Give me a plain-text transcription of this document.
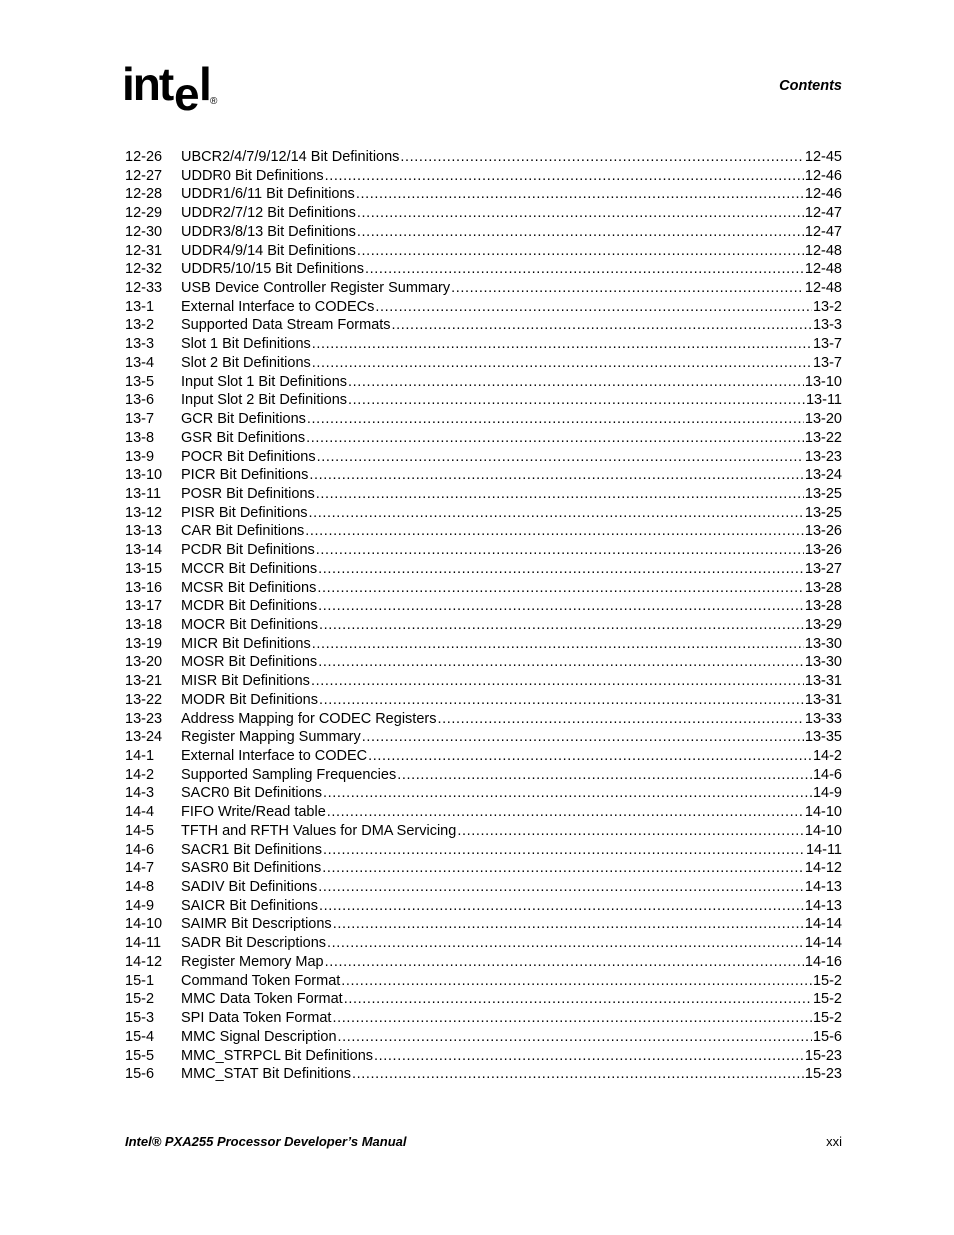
int e l
®
Contents
12-26	UBCR2/4/7/9/12/14 Bit Definitions .....	12-45
12-27	UDDR0 Bit Definitions .....	12-46
12-28	UDDR1/6/11 Bit Definitions .....	12-46
12-29	UDDR2/7/12 Bit Definitions .....	12-47
12-30	UDDR3/8/13 Bit Definitions .....	12-47
12-31	UDDR4/9/14 Bit Definitions .....	12-48
12-32	UDDR5/10/15 Bit Definitions .....	12-48
12-33	USB Device Controller Register Summary .....	12-48
13-1	External Interface to CODECs .....	13-2
13-2	Supported Data Stream Formats .....	13-3
13-3	Slot 1 Bit Definitions .....	13-7
13-4	Slot 2 Bit Definitions .....	13-7
13-5	Input Slot 1 Bit Definitions .....	13-10
13-6	Input Slot 2 Bit Definitions .....	13-11
13-7	GCR Bit Definitions .....	13-20
13-8	GSR Bit Definitions .....	13-22
13-9	POCR Bit Definitions .....	13-23
13-10	PICR Bit Definitions .....	13-24
13-11	POSR Bit Definitions .....	13-25
13-12	PISR Bit Definitions .....	13-25
13-13	CAR Bit Definitions .....	13-26
13-14	PCDR Bit Definitions .....	13-26
13-15	MCCR Bit Definitions .....	13-27
13-16	MCSR Bit Definitions .....	13-28
13-17	MCDR Bit Definitions .....	13-28
13-18	MOCR Bit Definitions .....	13-29
13-19	MICR Bit Definitions .....	13-30
13-20	MOSR Bit Definitions .....	13-30
13-21	MISR Bit Definitions .....	13-31
13-22	MODR Bit Definitions .....	13-31
13-23	Address Mapping for CODEC Registers .....	13-33
13-24	Register Mapping Summary .....	13-35
14-1	External Interface to CODEC .....	14-2
14-2	Supported Sampling Frequencies .....	14-6
14-3	SACR0 Bit Definitions .....	14-9
14-4	FIFO Write/Read table .....	14-10
14-5	TFTH and RFTH Values for DMA Servicing .....	14-10
14-6	SACR1 Bit Definitions .....	14-11
14-7	SASR0 Bit Definitions .....	14-12
14-8	SADIV Bit Definitions .....	14-13
14-9	SAICR Bit Definitions .....	14-13
14-10	SAIMR Bit Descriptions .....	14-14
14-11	SADR Bit Descriptions .....	14-14
14-12	Register Memory Map .....	14-16
15-1	Command Token Format .....	15-2
15-2	MMC Data Token Format .....	15-2
15-3	SPI Data Token Format .....	15-2
15-4	MMC Signal Description .....	15-6
15-5	MMC_STRPCL Bit Definitions .....	15-23
15-6	MMC_STAT Bit Definitions .....	15-23
Intel® PXA255 Processor Developer’s Manual	xxi
